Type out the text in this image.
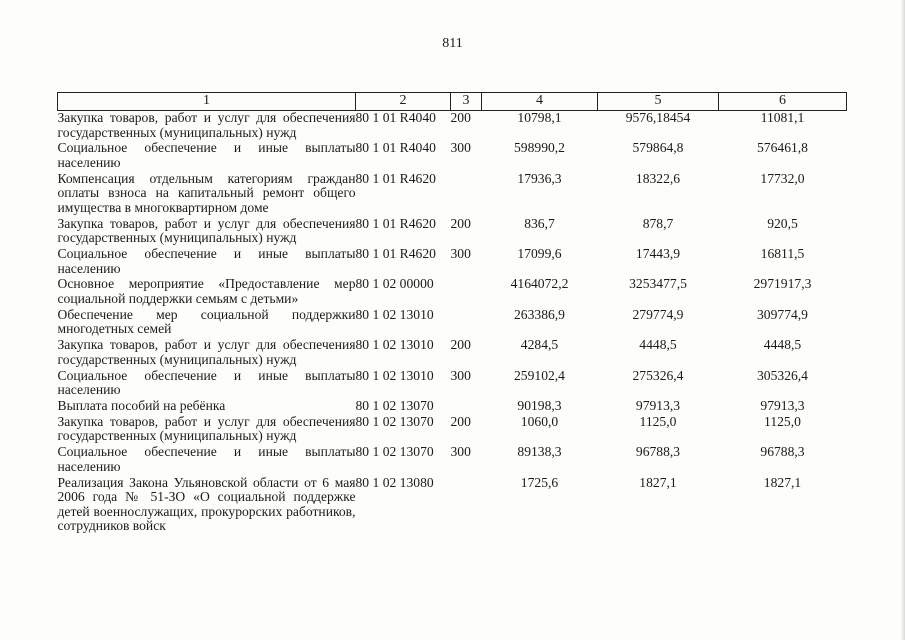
811
1	2	3	4	5	6
Закупка товаров, работ и услуг для обеспечения государственных (муниципальных) нужд	80 1 01 R4040	200	10798,1	9576,18454	11081,1
Социальное обеспечение и иные выплаты населению	80 1 01 R4040	300	598990,2	579864,8	576461,8
Компенсация отдельным категориям граждан оплаты взноса на капитальный ремонт общего имущества в многоквартирном доме	80 1 01 R4620		17936,3	18322,6	17732,0
Закупка товаров, работ и услуг для обеспечения государственных (муниципальных) нужд	80 1 01 R4620	200	836,7	878,7	920,5
Социальное обеспечение и иные выплаты населению	80 1 01 R4620	300	17099,6	17443,9	16811,5
Основное мероприятие «Предоставление мер социальной поддержки семьям с детьми»	80 1 02 00000		4164072,2	3253477,5	2971917,3
Обеспечение мер социальной поддержки многодетных семей	80 1 02 13010		263386,9	279774,9	309774,9
Закупка товаров, работ и услуг для обеспечения государственных (муниципальных) нужд	80 1 02 13010	200	4284,5	4448,5	4448,5
Социальное обеспечение и иные выплаты населению	80 1 02 13010	300	259102,4	275326,4	305326,4
Выплата пособий на ребёнка	80 1 02 13070		90198,3	97913,3	97913,3
Закупка товаров, работ и услуг для обеспечения государственных (муниципальных) нужд	80 1 02 13070	200	1060,0	1125,0	1125,0
Социальное обеспечение и иные выплаты населению	80 1 02 13070	300	89138,3	96788,3	96788,3
Реализация Закона Ульяновской области от 6 мая 2006 года № 51-ЗО «О социальной поддержке детей военнослужащих, прокурорских работников, сотрудников войск	80 1 02 13080		1725,6	1827,1	1827,1
